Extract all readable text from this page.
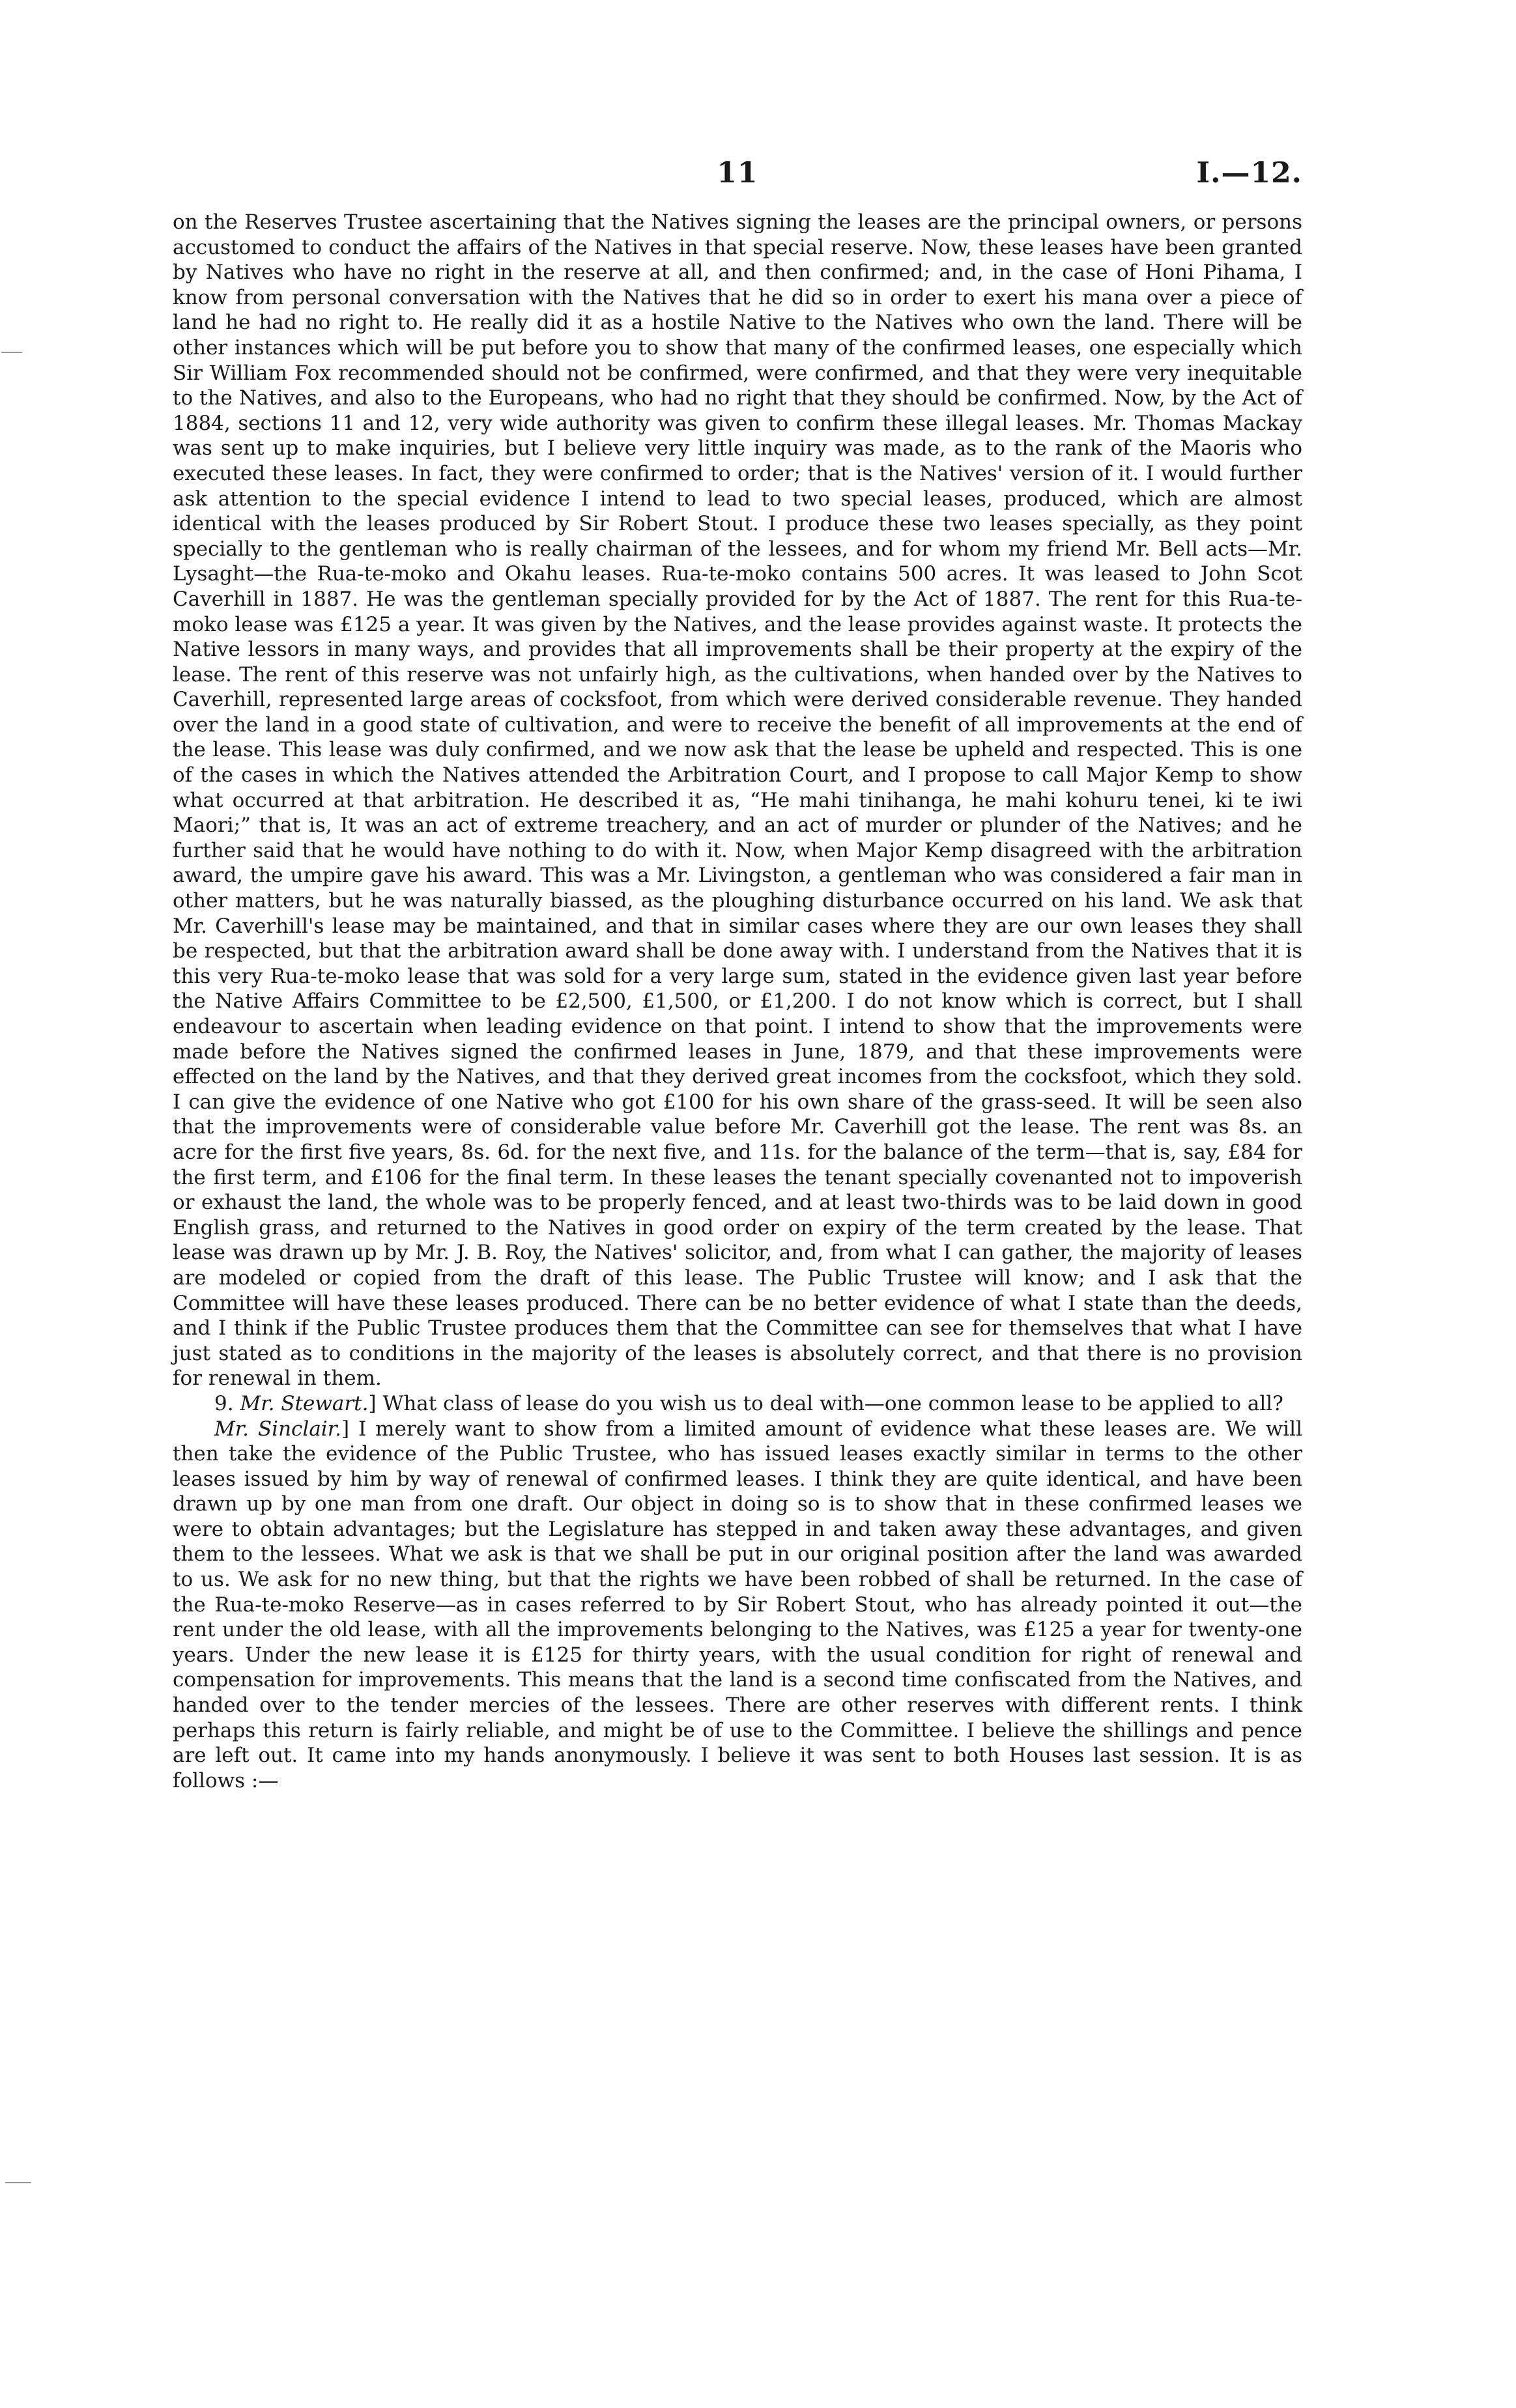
11	I.—12.

on the Reserves Trustee ascertaining that the Natives signing the leases are the principal owners, or persons accustomed to conduct the affairs of the Natives in that special reserve. Now, these leases have been granted by Natives who have no right in the reserve at all, and then confirmed; and, in the case of Honi Pihama, I know from personal conversation with the Natives that he did so in order to exert his mana over a piece of land he had no right to. He really did it as a hostile Native to the Natives who own the land. There will be other instances which will be put before you to show that many of the confirmed leases, one especially which Sir William Fox recommended should not be confirmed, were confirmed, and that they were very inequitable to the Natives, and also to the Europeans, who had no right that they should be confirmed. Now, by the Act of 1884, sections 11 and 12, very wide authority was given to confirm these illegal leases. Mr. Thomas Mackay was sent up to make inquiries, but I believe very little inquiry was made, as to the rank of the Maoris who executed these leases. In fact, they were confirmed to order; that is the Natives' version of it. I would further ask attention to the special evidence I intend to lead to two special leases, produced, which are almost identical with the leases produced by Sir Robert Stout. I produce these two leases specially, as they point specially to the gentleman who is really chairman of the lessees, and for whom my friend Mr. Bell acts—Mr. Lysaght—the Rua-te-moko and Okahu leases. Rua-te-moko contains 500 acres. It was leased to John Scot Caverhill in 1887. He was the gentleman specially provided for by the Act of 1887. The rent for this Rua-te-moko lease was £125 a year. It was given by the Natives, and the lease provides against waste. It protects the Native lessors in many ways, and provides that all improvements shall be their property at the expiry of the lease. The rent of this reserve was not unfairly high, as the cultivations, when handed over by the Natives to Caverhill, represented large areas of cocksfoot, from which were derived considerable revenue. They handed over the land in a good state of cultivation, and were to receive the benefit of all improvements at the end of the lease. This lease was duly confirmed, and we now ask that the lease be upheld and respected. This is one of the cases in which the Natives attended the Arbitration Court, and I propose to call Major Kemp to show what occurred at that arbitration. He described it as, “He mahi tinihanga, he mahi kohuru tenei, ki te iwi Maori;” that is, It was an act of extreme treachery, and an act of murder or plunder of the Natives; and he further said that he would have nothing to do with it. Now, when Major Kemp disagreed with the arbitration award, the umpire gave his award. This was a Mr. Livingston, a gentleman who was considered a fair man in other matters, but he was naturally biassed, as the ploughing disturbance occurred on his land. We ask that Mr. Caverhill's lease may be maintained, and that in similar cases where they are our own leases they shall be respected, but that the arbitration award shall be done away with. I understand from the Natives that it is this very Rua-te-moko lease that was sold for a very large sum, stated in the evidence given last year before the Native Affairs Committee to be £2,500, £1,500, or £1,200. I do not know which is correct, but I shall endeavour to ascertain when leading evidence on that point. I intend to show that the improvements were made before the Natives signed the confirmed leases in June, 1879, and that these improvements were effected on the land by the Natives, and that they derived great incomes from the cocksfoot, which they sold. I can give the evidence of one Native who got £100 for his own share of the grass-seed. It will be seen also that the improvements were of considerable value before Mr. Caverhill got the lease. The rent was 8s. an acre for the first five years, 8s. 6d. for the next five, and 11s. for the balance of the term—that is, say, £84 for the first term, and £106 for the final term. In these leases the tenant specially covenanted not to impoverish or exhaust the land, the whole was to be properly fenced, and at least two-thirds was to be laid down in good English grass, and returned to the Natives in good order on expiry of the term created by the lease. That lease was drawn up by Mr. J. B. Roy, the Natives' solicitor, and, from what I can gather, the majority of leases are modeled or copied from the draft of this lease. The Public Trustee will know; and I ask that the Committee will have these leases produced. There can be no better evidence of what I state than the deeds, and I think if the Public Trustee produces them that the Committee can see for themselves that what I have just stated as to conditions in the majority of the leases is absolutely correct, and that there is no provision for renewal in them.

9. Mr. Stewart.] What class of lease do you wish us to deal with—one common lease to be applied to all?

Mr. Sinclair.] I merely want to show from a limited amount of evidence what these leases are. We will then take the evidence of the Public Trustee, who has issued leases exactly similar in terms to the other leases issued by him by way of renewal of confirmed leases. I think they are quite identical, and have been drawn up by one man from one draft. Our object in doing so is to show that in these confirmed leases we were to obtain advantages; but the Legislature has stepped in and taken away these advantages, and given them to the lessees. What we ask is that we shall be put in our original position after the land was awarded to us. We ask for no new thing, but that the rights we have been robbed of shall be returned. In the case of the Rua-te-moko Reserve—as in cases referred to by Sir Robert Stout, who has already pointed it out—the rent under the old lease, with all the improvements belonging to the Natives, was £125 a year for twenty-one years. Under the new lease it is £125 for thirty years, with the usual condition for right of renewal and compensation for improvements. This means that the land is a second time confiscated from the Natives, and handed over to the tender mercies of the lessees. There are other reserves with different rents. I think perhaps this return is fairly reliable, and might be of use to the Committee. I believe the shillings and pence are left out. It came into my hands anonymously. I believe it was sent to both Houses last session. It is as follows :—
